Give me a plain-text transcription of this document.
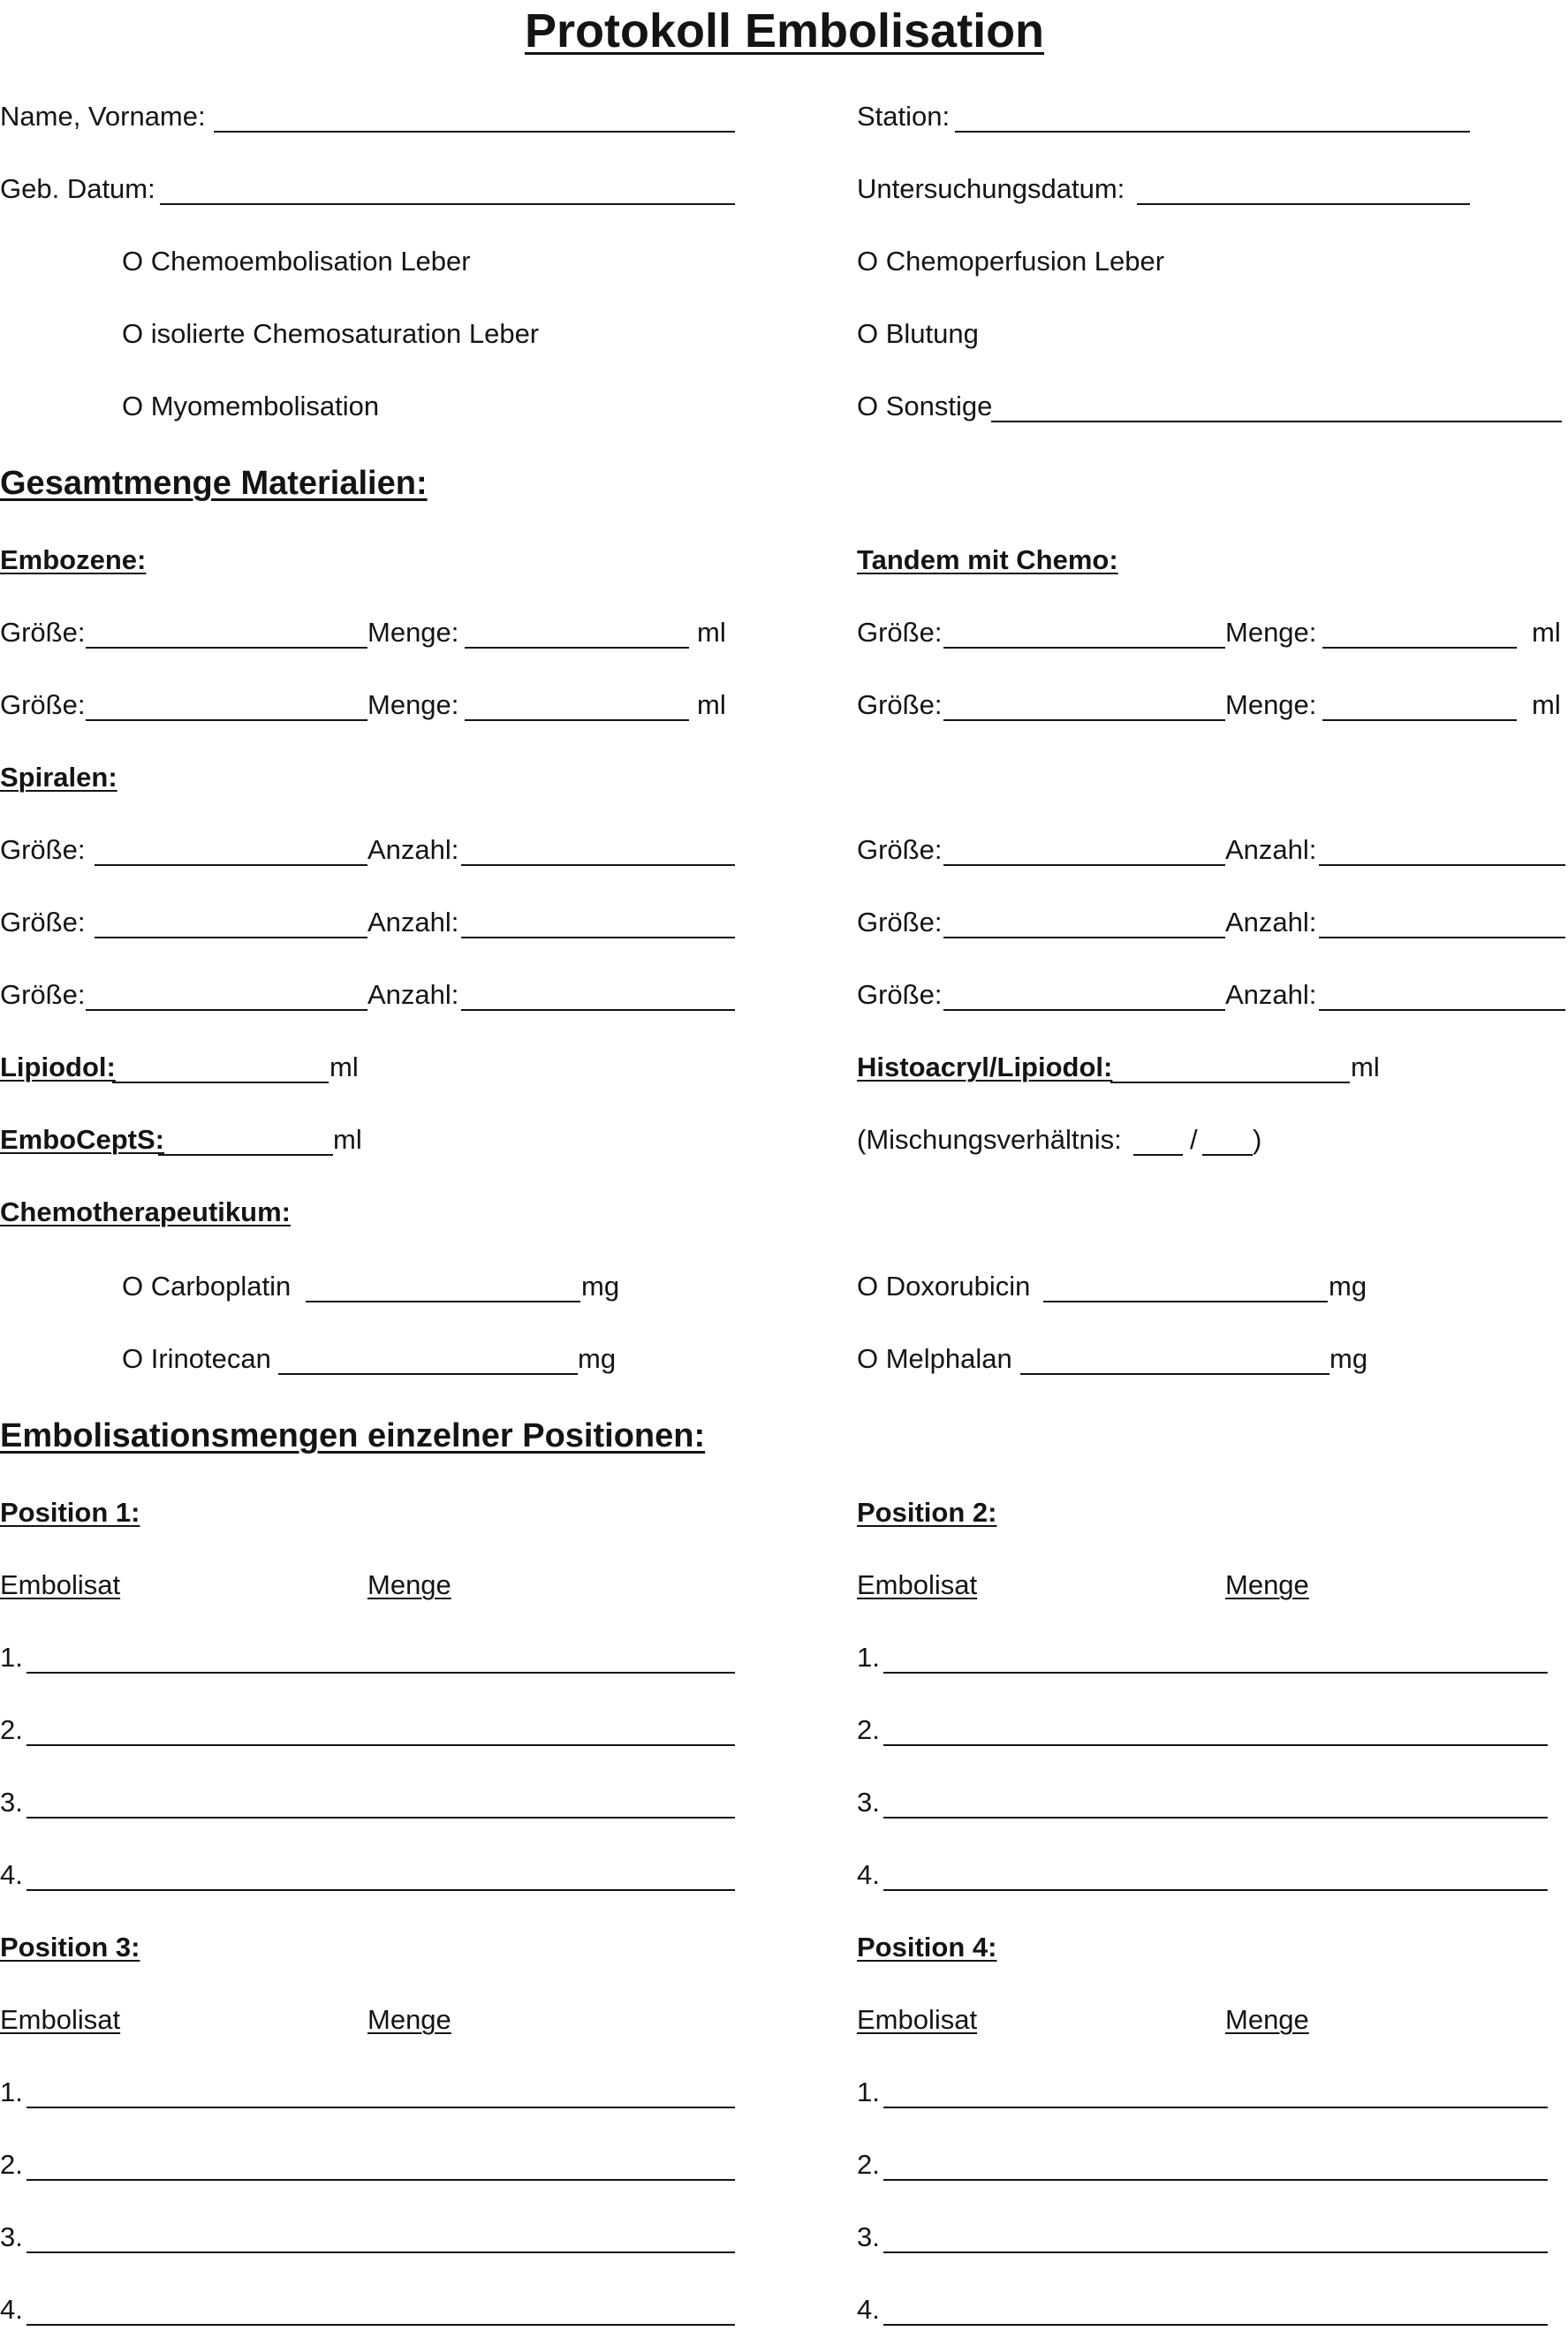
Protokoll Embolisation
Name, Vorname:	Station:
Geb. Datum:	Untersuchungsdatum:
O Chemoembolisation Leber	O Chemoperfusion Leber
O isolierte Chemosaturation Leber	O Blutung
O Myomembolisation	O Sonstige
Gesamtmenge Materialien:
Embozene:	Tandem mit Chemo:
Größe:	Menge:	ml	Größe:	Menge:	ml
Größe:	Menge:	ml	Größe:	Menge:	ml
Spiralen:
Größe:	Anzahl:	Größe:	Anzahl:
Größe:	Anzahl:	Größe:	Anzahl:
Größe:	Anzahl:	Größe:	Anzahl:
Lipiodol:	ml	Histoacryl/Lipiodol:	ml
EmboCeptS:	ml	(Mischungsverhältnis: / )
Chemotherapeutikum:
O Carboplatin	mg	O Doxorubicin	mg
O Irinotecan	mg	O Melphalan	mg
Embolisationsmengen einzelner Positionen:
Position 1:
Embolisat	Menge
1.
2.
3.
4.
Position 2:
Embolisat	Menge
1.
2.
3.
4.
Position 3:
Embolisat	Menge
1.
2.
3.
4.
Position 4:
Embolisat	Menge
1.
2.
3.
4.
